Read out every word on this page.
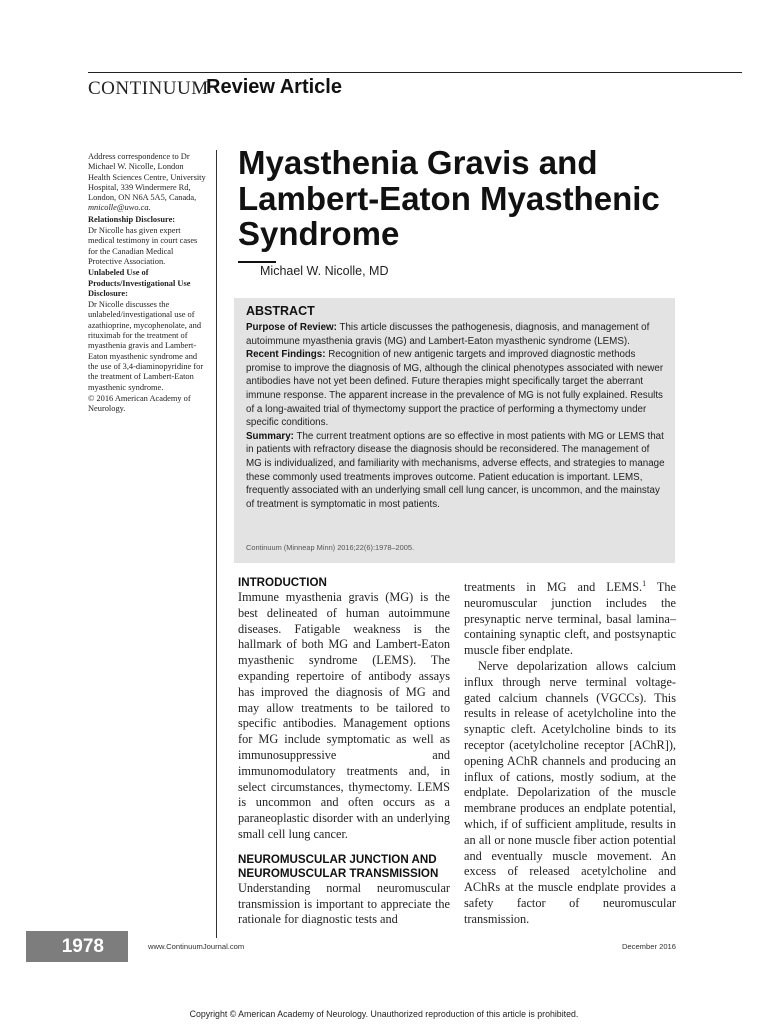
CONTINUUM
Review Article

Address correspondence to Dr Michael W. Nicolle, London Health Sciences Centre, University Hospital, 339 Windermere Rd, London, ON N6A 5A5, Canada, mnicolle@uwo.ca.

Relationship Disclosure:

Dr Nicolle has given expert medical testimony in court cases for the Canadian Medical Protective Association.

Unlabeled Use of Products/Investigational Use Disclosure:

Dr Nicolle discusses the unlabeled/investigational use of azathioprine, mycophenolate, and rituximab for the treatment of myasthenia gravis and Lambert-Eaton myasthenic syndrome and the use of 3,4-diaminopyridine for the treatment of Lambert-Eaton myasthenic syndrome.

© 2016 American Academy of Neurology.

Myasthenia Gravis and Lambert-Eaton Myasthenic Syndrome
Michael W. Nicolle, MD
ABSTRACT

Purpose of Review: This article discusses the pathogenesis, diagnosis, and management of autoimmune myasthenia gravis (MG) and Lambert-Eaton myasthenic syndrome (LEMS).

Recent Findings: Recognition of new antigenic targets and improved diagnostic methods promise to improve the diagnosis of MG, although the clinical phenotypes associated with newer antibodies have not yet been defined. Future therapies might specifically target the aberrant immune response. The apparent increase in the prevalence of MG is not fully explained. Results of a long-awaited trial of thymectomy support the practice of performing a thymectomy under specific conditions.

Summary: The current treatment options are so effective in most patients with MG or LEMS that in patients with refractory disease the diagnosis should be reconsidered. The management of MG is individualized, and familiarity with mechanisms, adverse effects, and strategies to manage these commonly used treatments improves outcome. Patient education is important. LEMS, frequently associated with an underlying small cell lung cancer, is uncommon, and the mainstay of treatment is symptomatic in most patients.

Continuum (Minneap Minn) 2016;22(6):1978–2005.
INTRODUCTION

Immune myasthenia gravis (MG) is the best delineated of human autoimmune diseases. Fatigable weakness is the hallmark of both MG and Lambert-Eaton myasthenic syndrome (LEMS). The expanding repertoire of antibody assays has improved the diagnosis of MG and may allow treatments to be tailored to specific antibodies. Management options for MG include symptomatic as well as immunosuppressive and immunomodulatory treatments and, in select circumstances, thymectomy. LEMS is uncommon and often occurs as a paraneoplastic disorder with an underlying small cell lung cancer.

NEUROMUSCULAR JUNCTION AND NEUROMUSCULAR TRANSMISSION

Understanding normal neuromuscular transmission is important to appreciate the rationale for diagnostic tests and

treatments in MG and LEMS.$^1$ The neuromuscular junction includes the presynaptic nerve terminal, basal lamina–containing synaptic cleft, and postsynaptic muscle fiber endplate.

Nerve depolarization allows calcium influx through nerve terminal voltage-gated calcium channels (VGCCs). This results in release of acetylcholine into the synaptic cleft. Acetylcholine binds to its receptor (acetylcholine receptor [AChR]), opening AChR channels and producing an influx of cations, mostly sodium, at the endplate. Depolarization of the muscle membrane produces an endplate potential, which, if of sufficient amplitude, results in an all or none muscle fiber action potential and eventually muscle movement. An excess of released acetylcholine and AChRs at the muscle endplate provides a safety factor of neuromuscular transmission.

1978	www.ContinuumJournal.com	December 2016
Copyright © American Academy of Neurology. Unauthorized reproduction of this article is prohibited.
